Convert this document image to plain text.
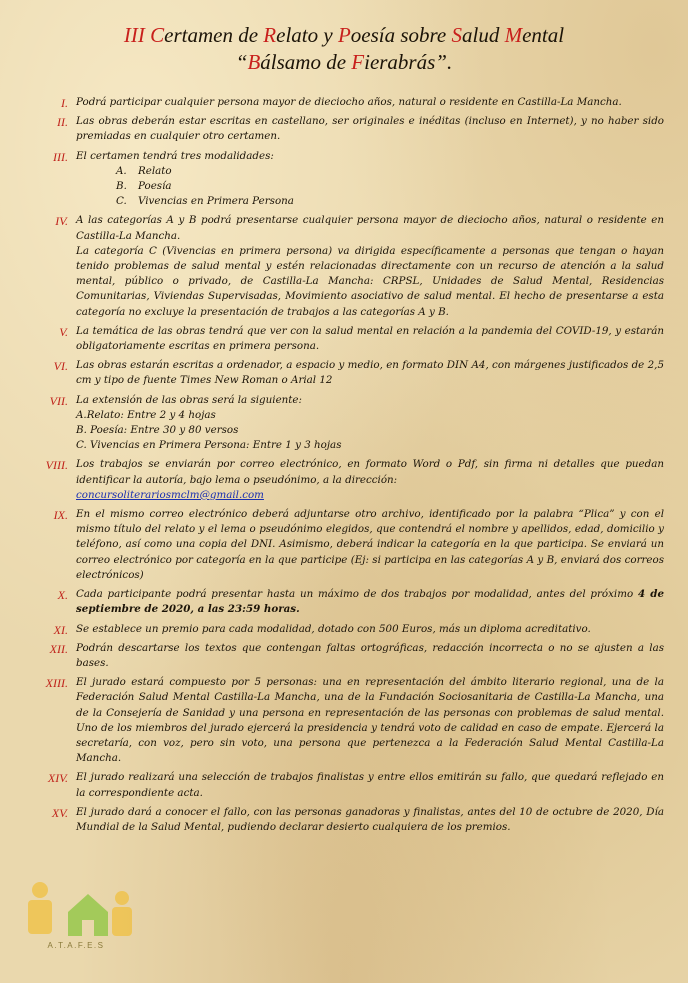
III Certamen de Relato y Poesía sobre Salud Mental
“Bálsamo de Fierabrás”.
I. Podrá participar cualquier persona mayor de dieciocho años, natural o residente en Castilla-La Mancha.
II. Las obras deberán estar escritas en castellano, ser originales e inéditas (incluso en Internet), y no haber sido premiadas en cualquier otro certamen.
III. El certamen tendrá tres modalidades:
A. Relato
B. Poesía
C. Vivencias en Primera Persona
IV. A las categorías A y B podrá presentarse cualquier persona mayor de dieciocho años, natural o residente en Castilla-La Mancha.
La categoría C (Vivencias en primera persona) va dirigida específicamente a personas que tengan o hayan tenido problemas de salud mental y estén relacionadas directamente con un recurso de atención a la salud mental, público o privado, de Castilla-La Mancha: CRPSL, Unidades de Salud Mental, Residencias Comunitarias, Viviendas Supervisadas, Movimiento asociativo de salud mental. El hecho de presentarse a esta categoría no excluye la presentación de trabajos a las categorías A y B.
V. La temática de las obras tendrá que ver con la salud mental en relación a la pandemia del COVID-19, y estarán obligatoriamente escritas en primera persona.
VI. Las obras estarán escritas a ordenador, a espacio y medio, en formato DIN A4, con márgenes justificados de 2,5 cm y tipo de fuente Times New Roman o Arial 12
VII. La extensión de las obras será la siguiente:
A.Relato: Entre 2 y 4 hojas
B. Poesía: Entre 30 y 80 versos
C. Vivencias en Primera Persona: Entre 1 y 3 hojas
VIII. Los trabajos se enviarán por correo electrónico, en formato Word o Pdf, sin firma ni detalles que puedan identificar la autoría, bajo lema o pseudónimo, a la dirección:
concursoliterariosmclm@gmail.com
IX. En el mismo correo electrónico deberá adjuntarse otro archivo, identificado por la palabra “Plica” y con el mismo título del relato y el lema o pseudónimo elegidos, que contendrá el nombre y apellidos, edad, domicilio y teléfono, así como una copia del DNI. Asimismo, deberá indicar la categoría en la que participa. Se enviará un correo electrónico por categoría en la que participe (Ej: si participa en las categorías A y B, enviará dos correos electrónicos)
X. Cada participante podrá presentar hasta un máximo de dos trabajos por modalidad, antes del próximo 4 de septiembre de 2020, a las 23:59 horas.
XI. Se establece un premio para cada modalidad, dotado con 500 Euros, más un diploma acreditativo.
XII. Podrán descartarse los textos que contengan faltas ortográficas, redacción incorrecta o no se ajusten a las bases.
XIII. El jurado estará compuesto por 5 personas: una en representación del ámbito literario regional, una de la Federación Salud Mental Castilla-La Mancha, una de la Fundación Sociosanitaria de Castilla-La Mancha, una de la Consejería de Sanidad y una persona en representación de las personas con problemas de salud mental. Uno de los miembros del jurado ejercerá la presidencia y tendrá voto de calidad en caso de empate. Ejercerá la secretaría, con voz, pero sin voto, una persona que pertenezca a la Federación Salud Mental Castilla-La Mancha.
XIV. El jurado realizará una selección de trabajos finalistas y entre ellos emitirán su fallo, que quedará reflejado en la correspondiente acta.
XV. El jurado dará a conocer el fallo, con las personas ganadoras y finalistas, antes del 10 de octubre de 2020, Día Mundial de la Salud Mental, pudiendo declarar desierto cualquiera de los premios.
A.T.A.F.E.S
